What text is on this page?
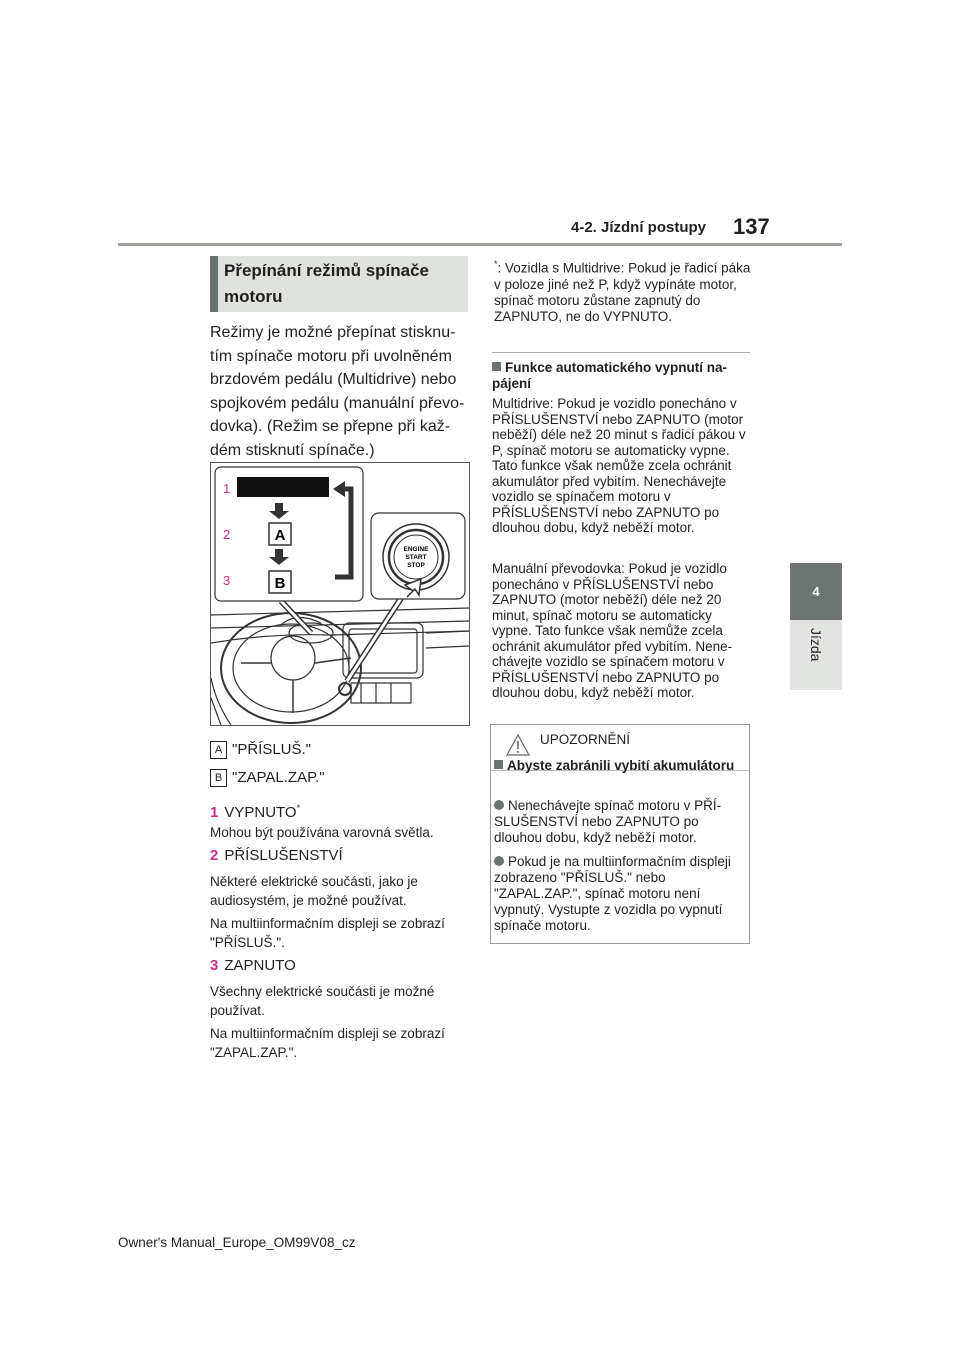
4-2. Jízdní postupy 137
4
Jízda
Přepínání režimů spínače motoru
Režimy je možné přepínat stisknutím spínače motoru při uvolněném brzdovém pedálu (Multidrive) nebo spojkovém pedálu (manuální převodovka). (Režim se přepne při každém stisknutí spínače.)
A
B
1
2
3
ENGINE
START
STOP
A "PŘÍSLUŠ."
B "ZAPAL.ZAP."
1 VYPNUTO*
Mohou být používána varovná světla.
2 PŘÍSLUŠENSTVÍ
Některé elektrické součásti, jako je audiosystém, je možné používat.
Na multiinformačním displeji se zobrazí "PŘÍSLUŠ.".
3 ZAPNUTO
Všechny elektrické součásti je možné používat.
Na multiinformačním displeji se zobrazí "ZAPAL.ZAP.".
*: Vozidla s Multidrive: Pokud je řadicí páka v poloze jiné než P, když vypínáte motor, spínač motoru zůstane zapnutý do ZAPNUTO, ne do VYPNUTO.
Funkce automatického vypnutí napájení
Multidrive: Pokud je vozidlo ponecháno v PŘÍSLUŠENSTVÍ nebo ZAPNUTO (motor neběží) déle než 20 minut s řadicí pákou v P, spínač motoru se automaticky vypne. Tato funkce však nemůže zcela ochránit akumulátor před vybitím. Nenechávejte vozidlo se spínačem motoru v PŘÍSLUŠENSTVÍ nebo ZAPNUTO po dlouhou dobu, když neběží motor.
Manuální převodovka: Pokud je vozidlo ponecháno v PŘÍSLUŠENSTVÍ nebo ZAPNUTO (motor neběží) déle než 20 minut, spínač motoru se automaticky vypne. Tato funkce však nemůže zcela ochránit akumulátor před vybitím. Nenechávejte vozidlo se spínačem motoru v PŘÍSLUŠENSTVÍ nebo ZAPNUTO po dlouhou dobu, když neběží motor.
UPOZORNĚNÍ
Abyste zabránili vybití akumulátoru
Nenechávejte spínač motoru v PŘÍSLUŠENSTVÍ nebo ZAPNUTO po dlouhou dobu, když neběží motor.
Pokud je na multiinformačním displeji zobrazeno "PŘÍSLUŠ." nebo "ZAPAL.ZAP.", spínač motoru není vypnutý. Vystupte z vozidla po vypnutí spínače motoru.
Owner's Manual_Europe_OM99V08_cz
